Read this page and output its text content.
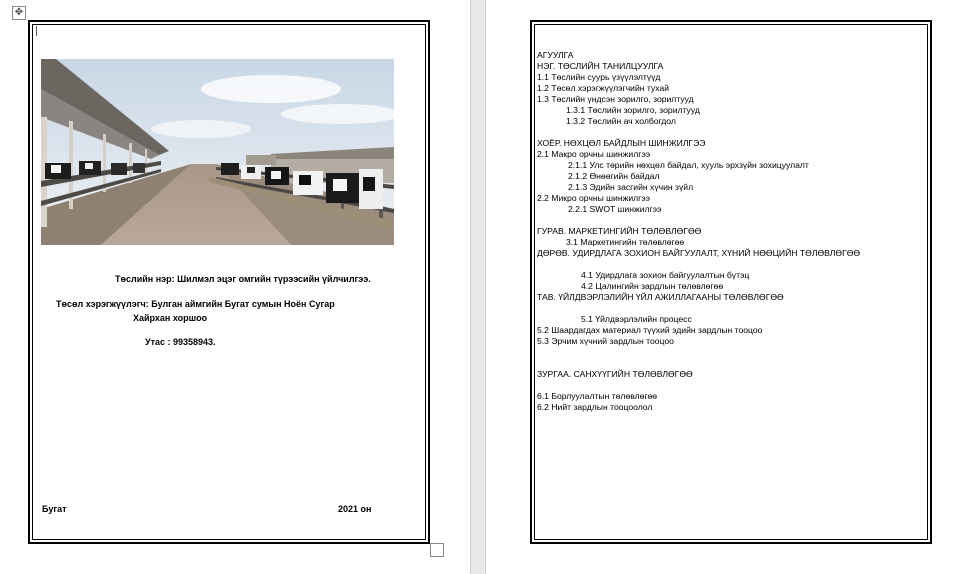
✥
Төслийн нэр: Шилмэл эцэг омгийн түрээсийн үйлчилгээ.
Төсөл хэрэгжүүлэгч: Булган аймгийн Бугат сумын Ноён Сугар
Хайрхан хоршоо
Утас : 99358943.
Бугат	2021 он
АГУУЛГА
НЭГ. ТӨСЛИЙН ТАНИЛЦУУЛГА
1.1 Төслийн суурь үзүүлэлтүүд
1.2 Төсөл хэрэгжүүлэгчийн тухай
1.3 Төслийн үндсэн зорилго, зорилтууд
1.3.1 Төслийн зорилго, зорилтууд
1.3.2 Төслийн ач холбогдол
ХОЁР. НӨХЦӨЛ БАЙДЛЫН ШИНЖИЛГЭЭ
2.1 Макро орчны шинжилгээ
2.1.1 Улс төрийн нөхцөл байдал, хууль эрхзүйн зохицуулалт
2.1.2 Өнөөгийн байдал
2.1.3 Эдийн засгийн хүчин зүйл
2.2 Микро орчны шинжилгээ
2.2.1 SWOT шинжилгээ
ГУРАВ. МАРКЕТИНГИЙН ТӨЛӨВЛӨГӨӨ
3.1 Маркетингийн төлөвлөгөө
ДӨРӨВ. УДИРДЛАГА ЗОХИОН БАЙГУУЛАЛТ, ХҮНИЙ НӨӨЦИЙН ТӨЛӨВЛӨГӨӨ
4.1 Удирдлага зохион байгуулалтын бүтэц
4.2 Цалингийн зардлын төлөвлөгөө
ТАВ. ҮЙЛДВЭРЛЭЛИЙН ҮЙЛ АЖИЛЛАГААНЫ ТӨЛӨВЛӨГӨӨ
5.1 Үйлдвэрлэлийн процесс
5.2 Шаардагдах материал түүхий эдийн зардлын тооцоо
5.3 Эрчим хүчний зардлын тооцоо
ЗУРГАА. САНХҮҮГИЙН ТӨЛӨВЛӨГӨӨ
6.1 Борлуулалтын төлөвлөгөө
6.2 Нийт зардлын тооцоолол
